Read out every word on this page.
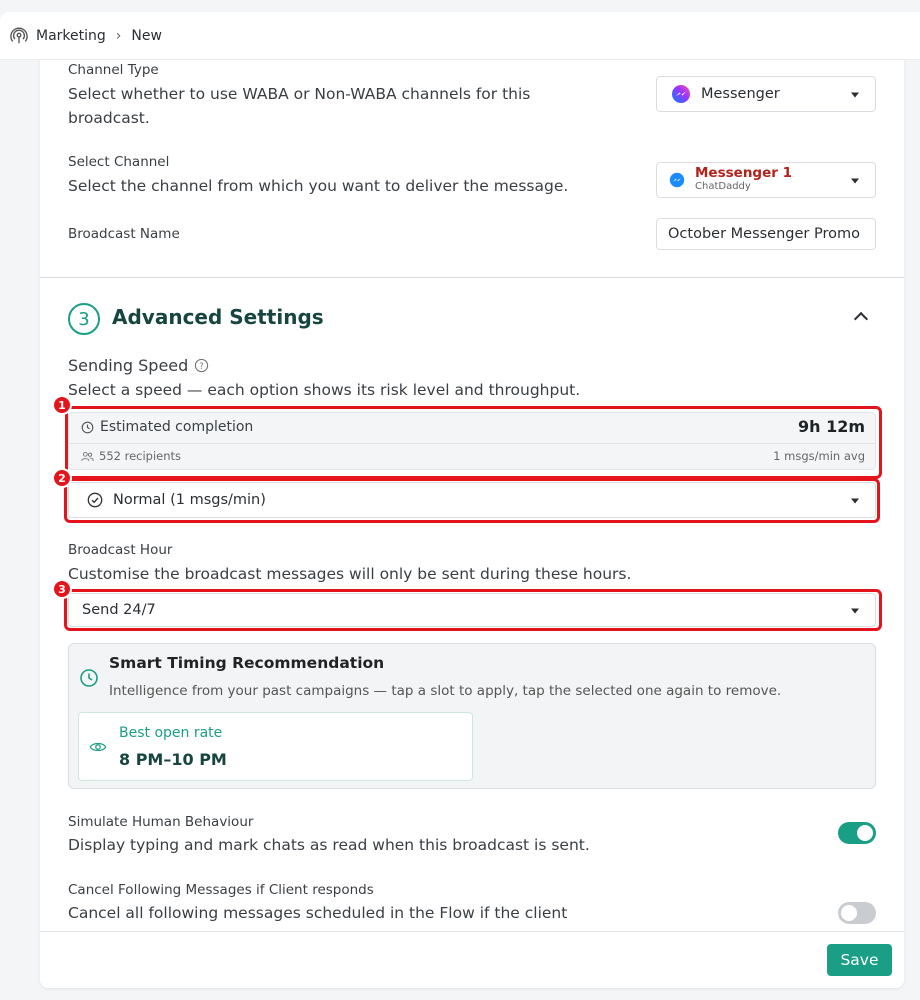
Marketing › New
Channel Type
Select whether to use WABA or Non-WABA channels for this
broadcast.
Messenger
Select Channel
Select the channel from which you want to deliver the message.
Messenger 1
ChatDaddy
Broadcast Name	October Messenger Promo
3	Advanced Settings
Sending Speed ?
Select a speed — each option shows its risk level and throughput.
Estimated completion	9h 12m
552 recipients	1 msgs/min avg
Normal (1 msgs/min)
Broadcast Hour
Customise the broadcast messages will only be sent during these hours.
Send 24/7
Smart Timing Recommendation
Intelligence from your past campaigns — tap a slot to apply, tap the selected one again to remove.
Best open rate
8 PM–10 PM
Simulate Human Behaviour
Display typing and mark chats as read when this broadcast is sent.
Cancel Following Messages if Client responds
Cancel all following messages scheduled in the Flow if the client
1
2
3
Save
